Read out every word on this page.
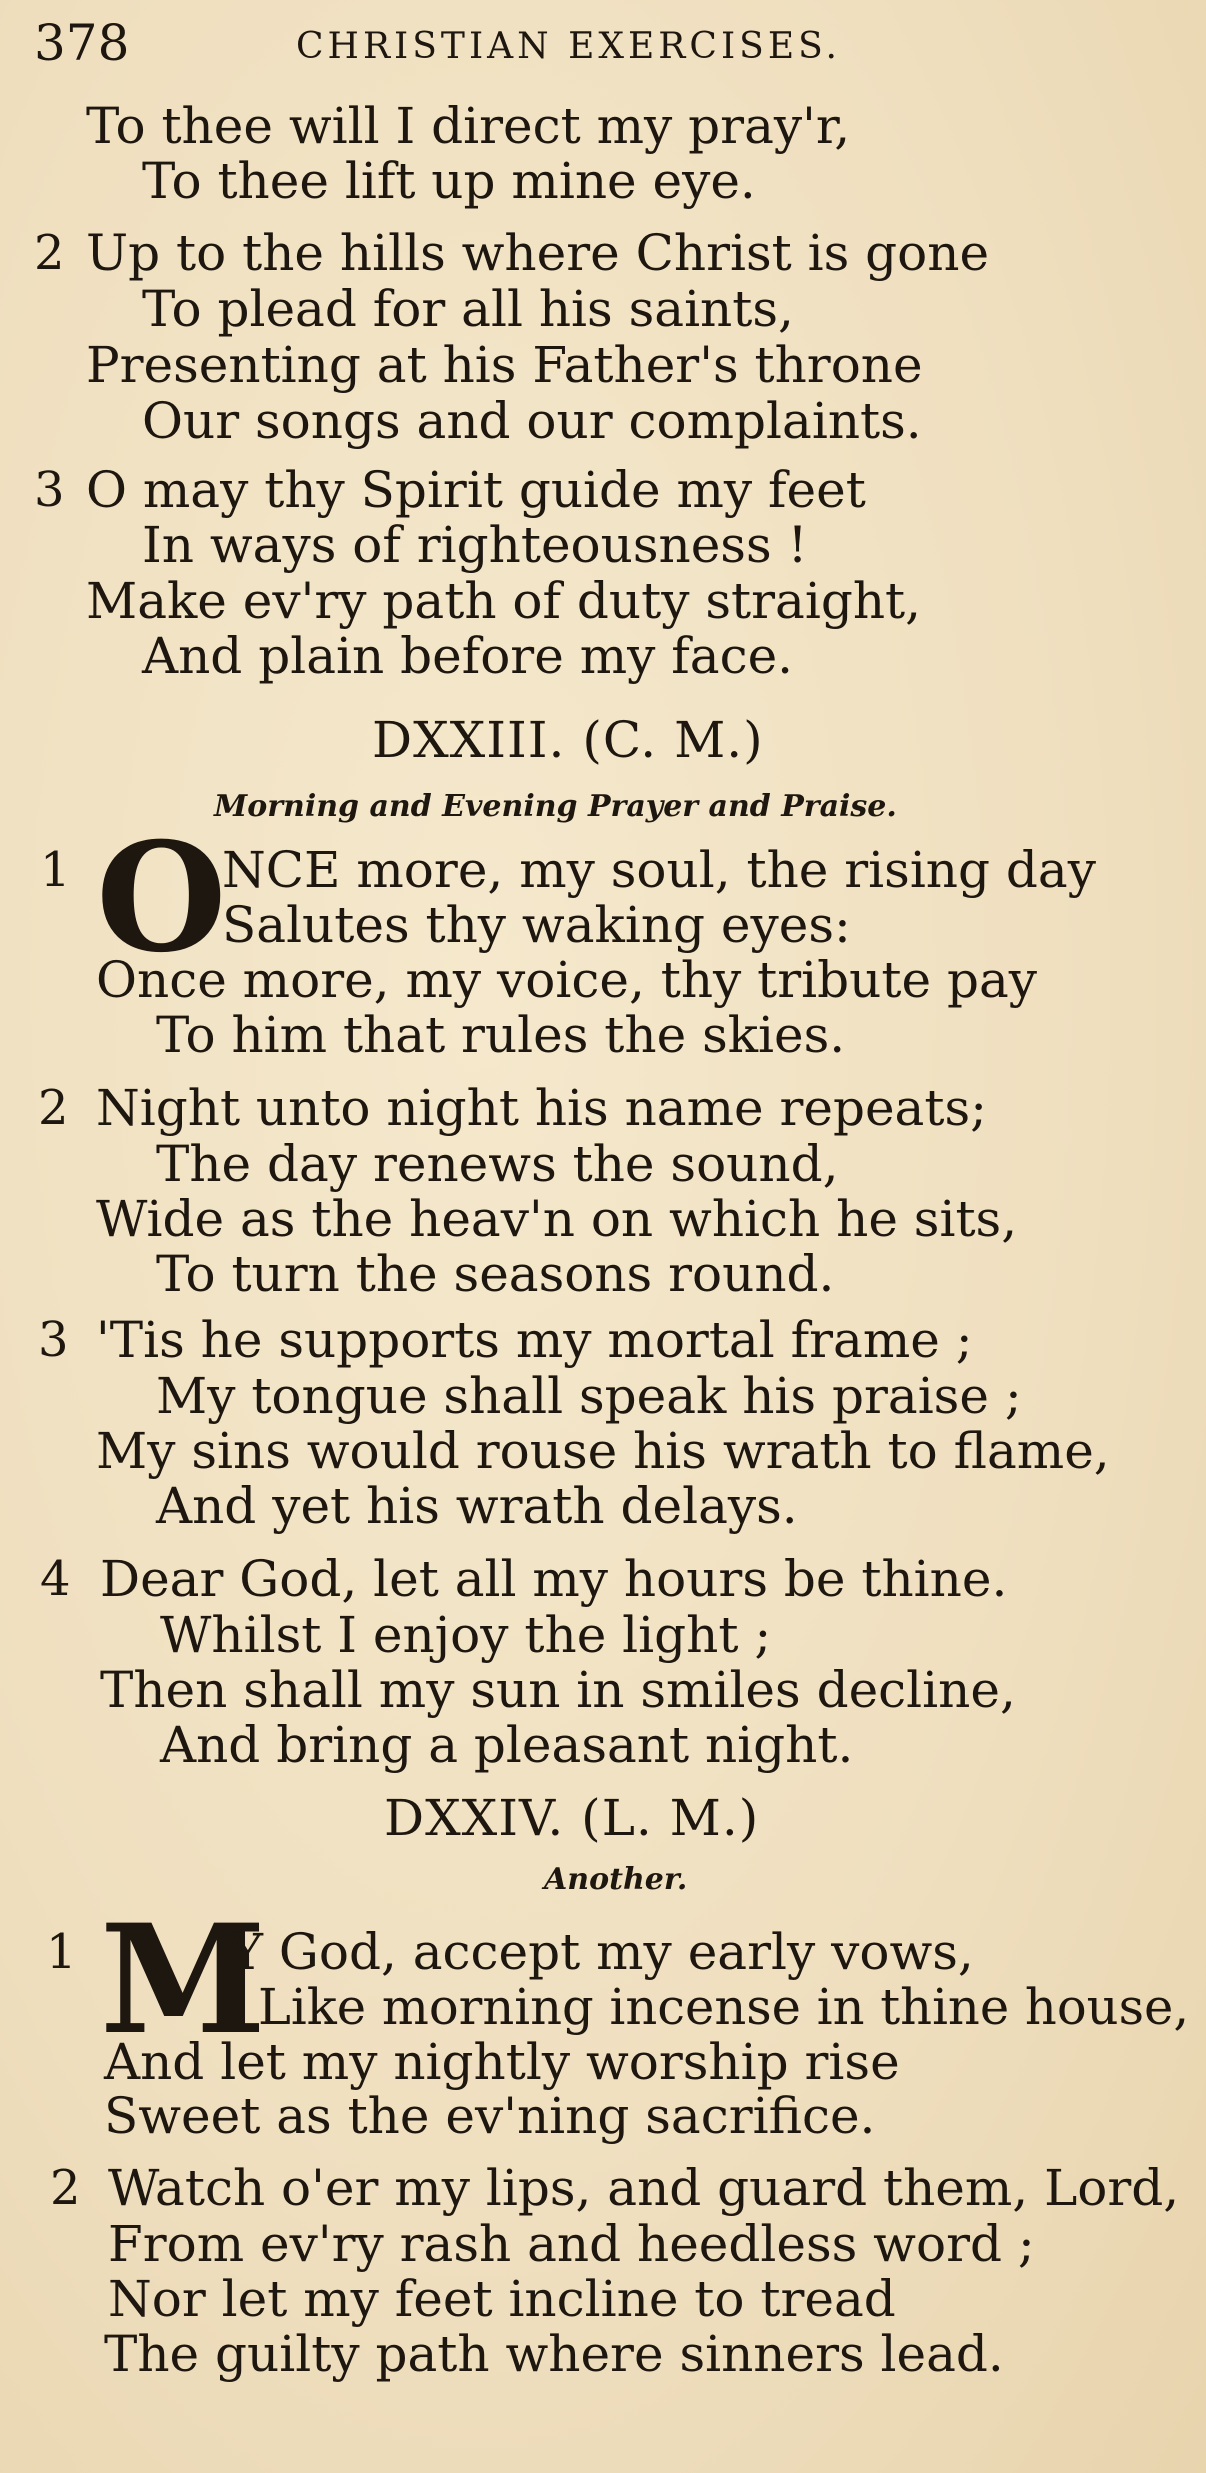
378	CHRISTIAN EXERCISES.
To thee will I direct my pray'r,
To thee lift up mine eye.
2 Up to the hills where Christ is gone
To plead for all his saints,
Presenting at his Father's throne
Our songs and our complaints.
3 O may thy Spirit guide my feet
In ways of righteousness !
Make ev'ry path of duty straight,
And plain before my face.
DXXIII. (C. M.)
Morning and Evening Prayer and Praise.
1 O
NCE more, my soul, the rising day
Salutes thy waking eyes:
Once more, my voice, thy tribute pay
To him that rules the skies.
2 Night unto night his name repeats;
The day renews the sound,
Wide as the heav'n on which he sits,
To turn the seasons round.
3 'Tis he supports my mortal frame ;
My tongue shall speak his praise ;
My sins would rouse his wrath to flame,
And yet his wrath delays.
4 Dear God, let all my hours be thine.
Whilst I enjoy the light ;
Then shall my sun in smiles decline,
And bring a pleasant night.
DXXIV. (L. M.)
Another.
1 M
Y God, accept my early vows,
Like morning incense in thine house,
And let my nightly worship rise
Sweet as the ev'ning sacrifice.
2 Watch o'er my lips, and guard them, Lord,
From ev'ry rash and heedless word ;
Nor let my feet incline to tread
The guilty path where sinners lead.
